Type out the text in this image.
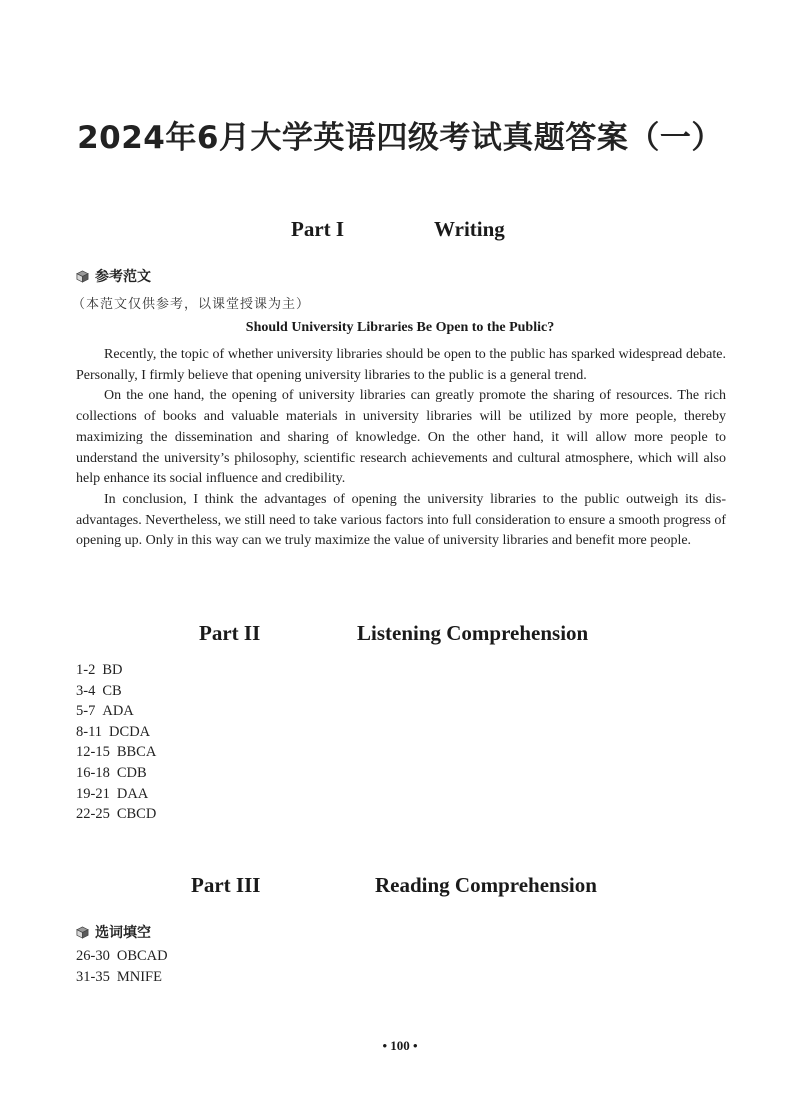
2024年6月大学英语四级考试真题答案（一）
Part I	Writing
参考范文
（本范文仅供参考，以课堂授课为主）
Should University Libraries Be Open to the Public?

Recently, the topic of whether university libraries should be open to the public has sparked widespread debate. Personally, I firmly believe that opening university libraries to the public is a general trend.

On the one hand, the opening of university libraries can greatly promote the sharing of resources. The rich collections of books and valuable materials in university libraries will be utilized by more people, thereby maximizing the dissemination and sharing of knowledge. On the other hand, it will allow more people to understand the university’s philosophy, scientific research achievements and cultural atmosphere, which will also help enhance its social influence and credibility.

In conclusion, I think the advantages of opening the university libraries to the public outweigh its disadvantages. Nevertheless, we still need to take various factors into full consideration to ensure a smooth progress of opening up. Only in this way can we truly maximize the value of university libraries and benefit more people.

Part II	Listening Comprehension
1-2 BD
3-4 CB
5-7 ADA
8-11 DCDA
12-15 BBCA
16-18 CDB
19-21 DAA
22-25 CBCD
Part III	Reading Comprehension
选词填空
26-30 OBCAD
31-35 MNIFE
• 100 •
